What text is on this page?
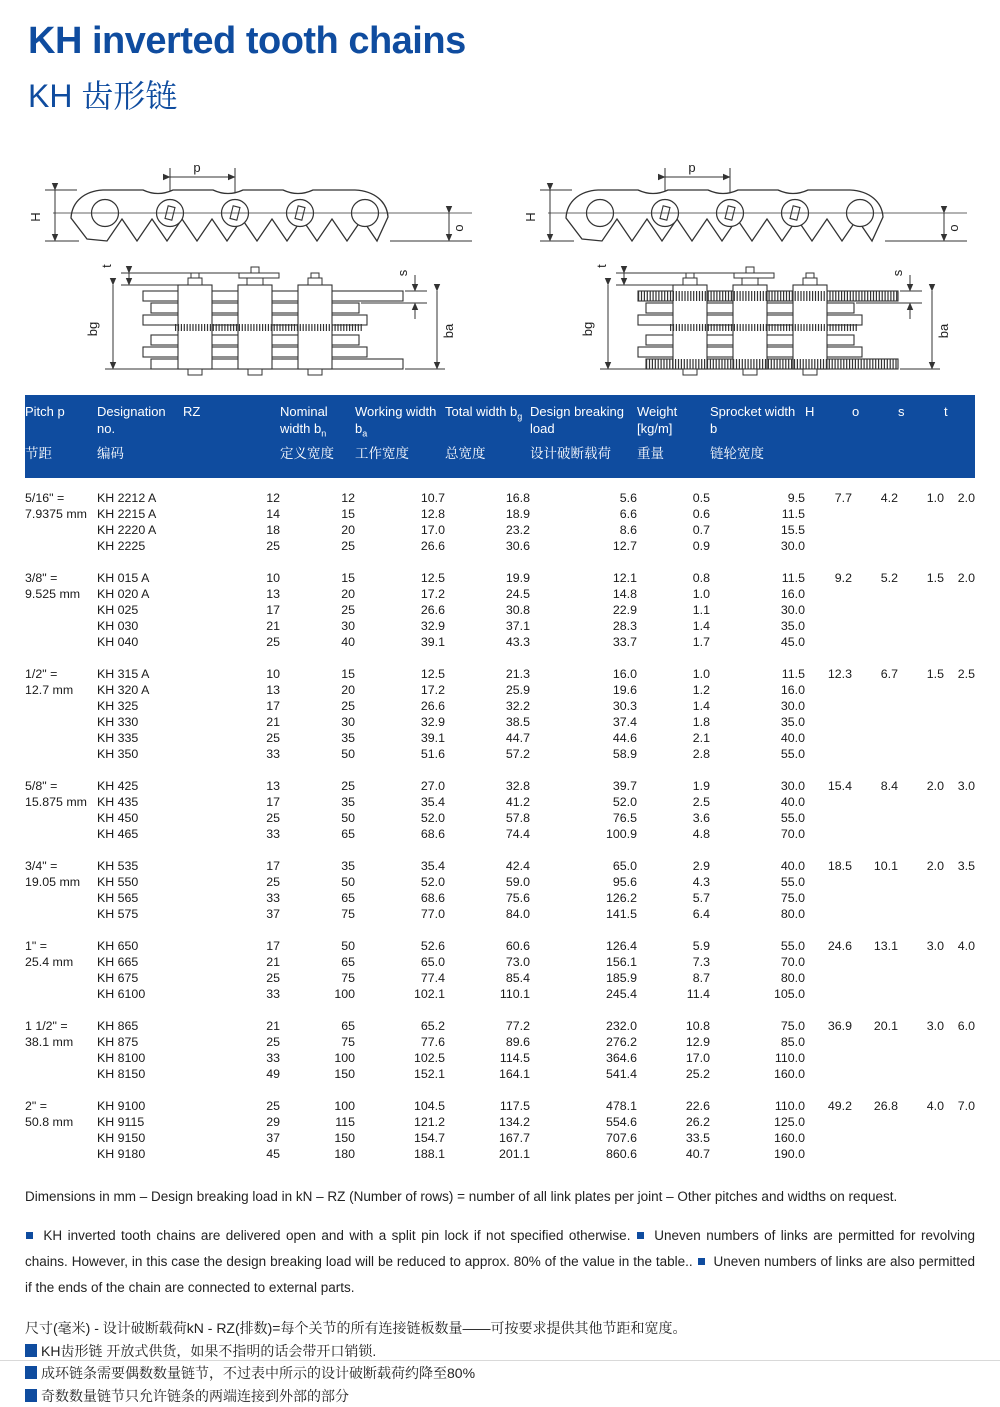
KH inverted tooth chains
KH 齿形链
p
H
o
t
bg
s
ba
p
H
o
t
bg
s
ba
Pitch p	Designation no.	RZ	Nominal width $b_n$	Working width $b_a$	Total width $b_g$	Design breaking load	Weight [kg/m]	Sprocket width b	H	o	s	t
节距	编码		定义宽度	工作宽度	总宽度	设计破断载荷	重量	链轮宽度				

5/16" =	KH 2212 A	12	12	10.7	16.8	5.6	0.5	9.5	7.7	4.2	1.0	2.0
7.9375 mm	KH 2215 A	14	15	12.8	18.9	6.6	0.6	11.5				
	KH 2220 A	18	20	17.0	23.2	8.6	0.7	15.5				
	KH 2225	25	25	26.6	30.6	12.7	0.9	30.0				

3/8" =	KH 015 A	10	15	12.5	19.9	12.1	0.8	11.5	9.2	5.2	1.5	2.0
9.525 mm	KH 020 A	13	20	17.2	24.5	14.8	1.0	16.0				
	KH 025	17	25	26.6	30.8	22.9	1.1	30.0				
	KH 030	21	30	32.9	37.1	28.3	1.4	35.0				
	KH 040	25	40	39.1	43.3	33.7	1.7	45.0				

1/2" =	KH 315 A	10	15	12.5	21.3	16.0	1.0	11.5	12.3	6.7	1.5	2.5
12.7 mm	KH 320 A	13	20	17.2	25.9	19.6	1.2	16.0				
	KH 325	17	25	26.6	32.2	30.3	1.4	30.0				
	KH 330	21	30	32.9	38.5	37.4	1.8	35.0				
	KH 335	25	35	39.1	44.7	44.6	2.1	40.0				
	KH 350	33	50	51.6	57.2	58.9	2.8	55.0				

5/8" =	KH 425	13	25	27.0	32.8	39.7	1.9	30.0	15.4	8.4	2.0	3.0
15.875 mm	KH 435	17	35	35.4	41.2	52.0	2.5	40.0				
	KH 450	25	50	52.0	57.8	76.5	3.6	55.0				
	KH 465	33	65	68.6	74.4	100.9	4.8	70.0				

3/4" =	KH 535	17	35	35.4	42.4	65.0	2.9	40.0	18.5	10.1	2.0	3.5
19.05 mm	KH 550	25	50	52.0	59.0	95.6	4.3	55.0				
	KH 565	33	65	68.6	75.6	126.2	5.7	75.0				
	KH 575	37	75	77.0	84.0	141.5	6.4	80.0				

1" =	KH 650	17	50	52.6	60.6	126.4	5.9	55.0	24.6	13.1	3.0	4.0
25.4 mm	KH 665	21	65	65.0	73.0	156.1	7.3	70.0				
	KH 675	25	75	77.4	85.4	185.9	8.7	80.0				
	KH 6100	33	100	102.1	110.1	245.4	11.4	105.0				

1 1/2" =	KH 865	21	65	65.2	77.2	232.0	10.8	75.0	36.9	20.1	3.0	6.0
38.1 mm	KH 875	25	75	77.6	89.6	276.2	12.9	85.0				
	KH 8100	33	100	102.5	114.5	364.6	17.0	110.0				
	KH 8150	49	150	152.1	164.1	541.4	25.2	160.0				

2" =	KH 9100	25	100	104.5	117.5	478.1	22.6	110.0	49.2	26.8	4.0	7.0
50.8 mm	KH 9115	29	115	121.2	134.2	554.6	26.2	125.0				
	KH 9150	37	150	154.7	167.7	707.6	33.5	160.0				
	KH 9180	45	180	188.1	201.1	860.6	40.7	190.0				

Dimensions in mm – Design breaking load in kN – RZ (Number of rows) = number of all link plates per joint – Other pitches and widths on request.

KH inverted tooth chains are delivered open and with a split pin lock if not specified otherwise.  Uneven numbers of links are permitted for revolving chains. However, in this case the design breaking load will be reduced to approx. 80% of the value in the table..  Uneven numbers of links are also permitted if the ends of the chain are connected to external parts.

尺寸(毫米) - 设计破断载荷kN - RZ(排数)=每个关节的所有连接链板数量——可按要求提供其他节距和宽度。
KH齿形链 开放式供货，如果不指明的话会带开口销锁.
成环链条需要偶数数量链节，不过表中所示的设计破断载荷约降至80%
奇数数量链节只允许链条的两端连接到外部的部分
